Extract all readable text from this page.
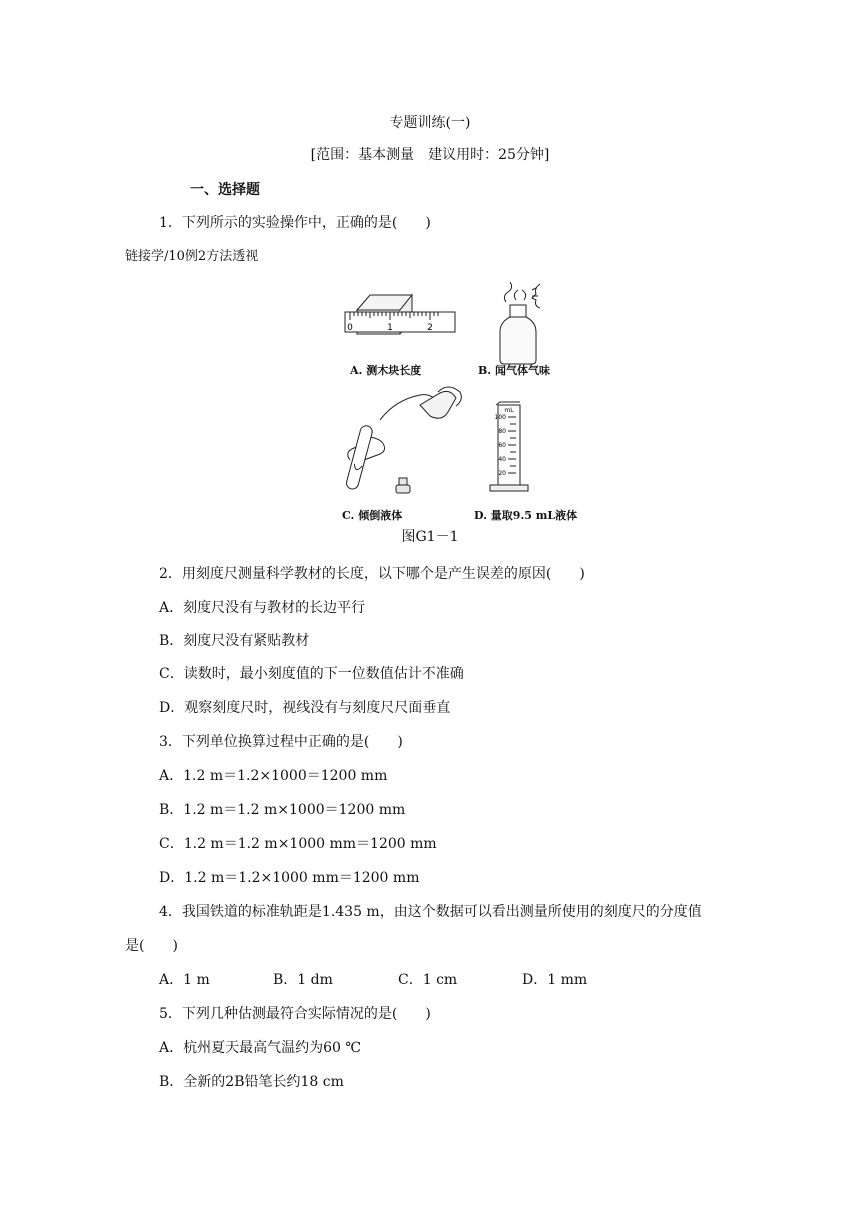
专题训练(一)
[范围：基本测量　建议用时：25分钟]
一、选择题
1．下列所示的实验操作中，正确的是(　　)
链接学/10例2方法透视
0	1	2
mL
100
80
60
40
20
A. 测木块长度	B. 闻气体气味
C. 倾倒液体	D. 量取9.5 mL液体
图G1－1
2．用刻度尺测量科学教材的长度，以下哪个是产生误差的原因(　　)
A．刻度尺没有与教材的长边平行
B．刻度尺没有紧贴教材
C．读数时，最小刻度值的下一位数值估计不准确
D．观察刻度尺时，视线没有与刻度尺尺面垂直
3．下列单位换算过程中正确的是(　　)
A．1.2 m＝1.2×1000＝1200 mm
B．1.2 m＝1.2 m×1000＝1200 mm
C．1.2 m＝1.2 m×1000 mm＝1200 mm
D．1.2 m＝1.2×1000 mm＝1200 mm
4．我国铁道的标准轨距是1.435 m，由这个数据可以看出测量所使用的刻度尺的分度值
是(　　)
A．1 m	B．1 dm	C．1 cm	D．1 mm
5．下列几种估测最符合实际情况的是(　　)
A．杭州夏天最高气温约为60 ℃
B．全新的2B铅笔长约18 cm
